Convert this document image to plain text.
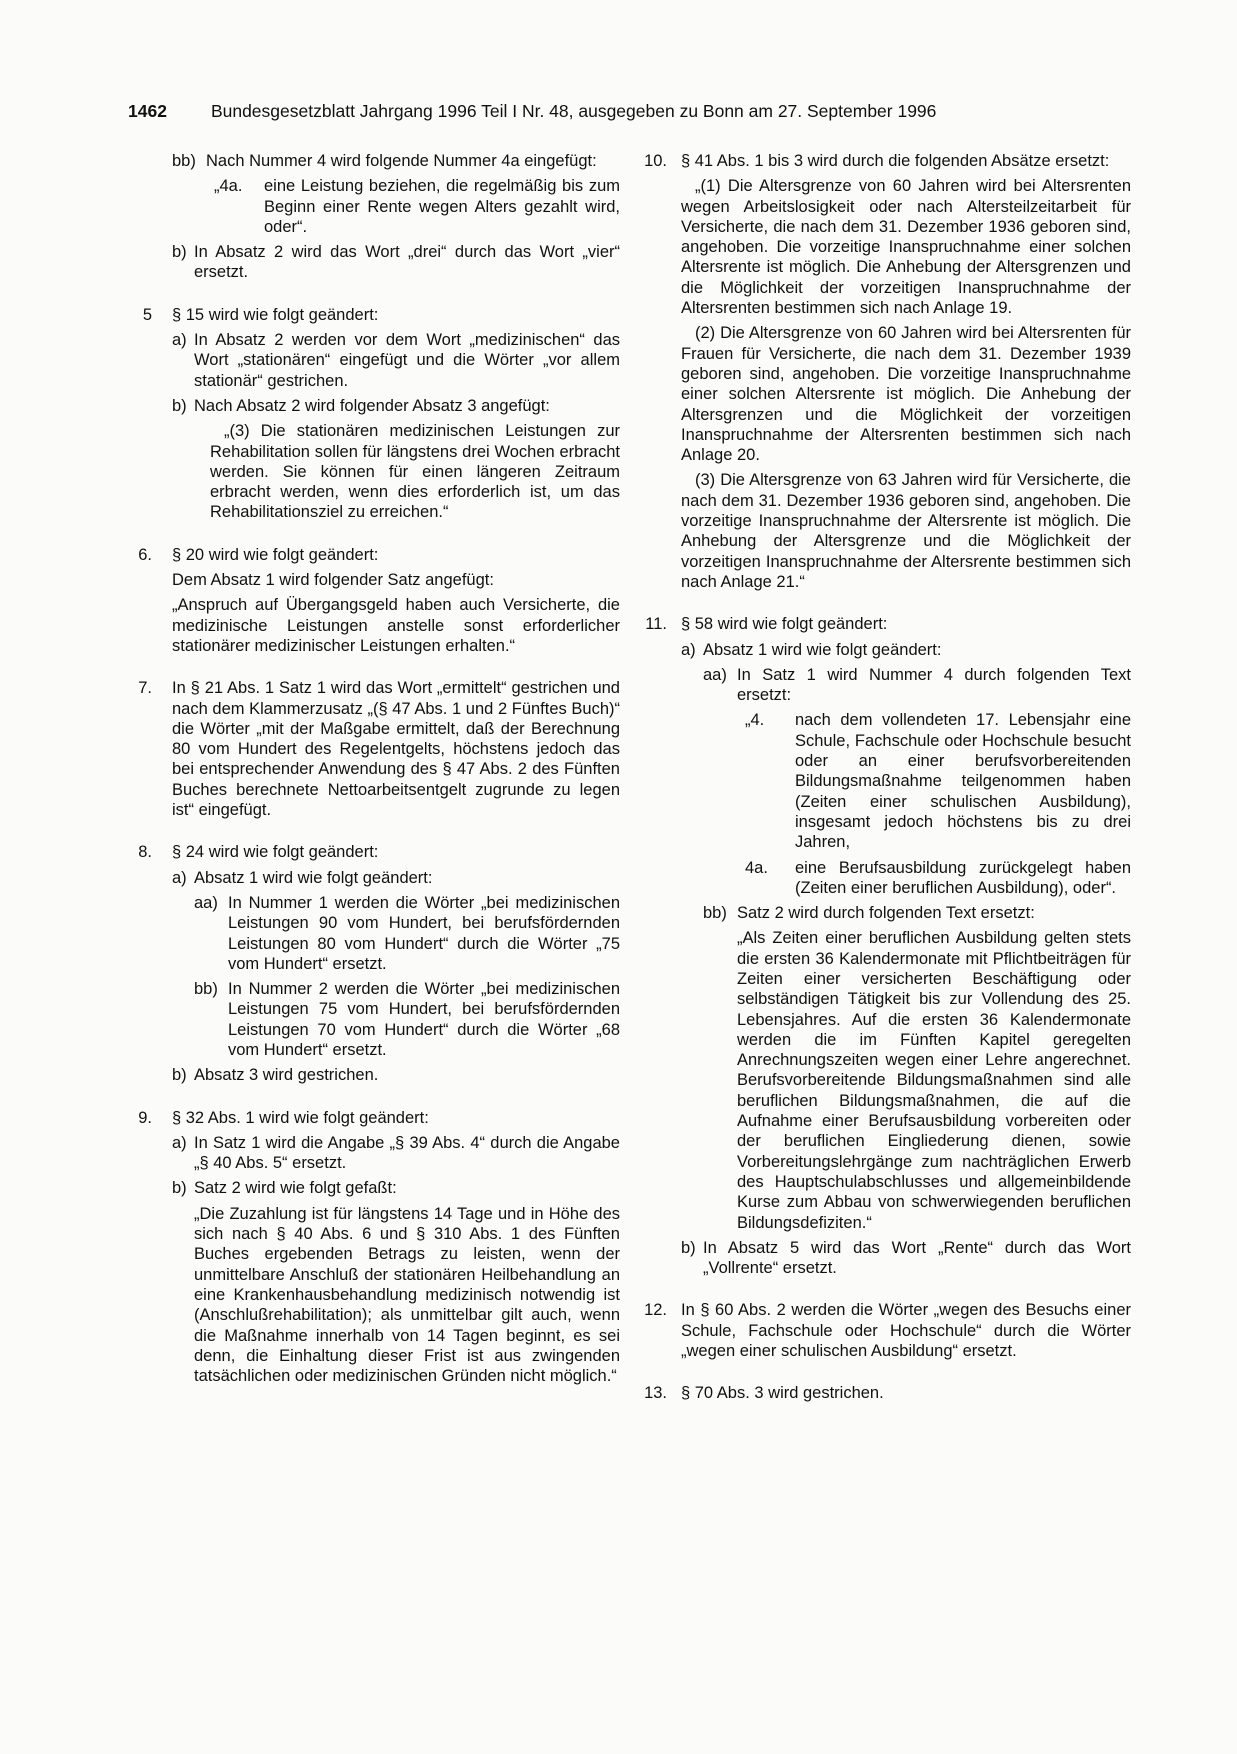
1462	Bundesgesetzblatt Jahrgang 1996 Teil I Nr. 48, ausgegeben zu Bonn am 27. September 1996
bb) Nach Nummer 4 wird folgende Nummer 4a eingefügt:
„4a. eine Leistung beziehen, die regelmäßig bis zum Beginn einer Rente wegen Alters gezahlt wird, oder“.
b) In Absatz 2 wird das Wort „drei“ durch das Wort „vier“ ersetzt.
5 § 15 wird wie folgt geändert:
a) In Absatz 2 werden vor dem Wort „medizinischen“ das Wort „stationären“ eingefügt und die Wörter „vor allem stationär“ gestrichen.
b) Nach Absatz 2 wird folgender Absatz 3 angefügt:
„(3) Die stationären medizinischen Leistungen zur Rehabilitation sollen für längstens drei Wochen erbracht werden. Sie können für einen längeren Zeitraum erbracht werden, wenn dies erforderlich ist, um das Rehabilitationsziel zu erreichen.“
6. § 20 wird wie folgt geändert:
Dem Absatz 1 wird folgender Satz angefügt:
„Anspruch auf Übergangsgeld haben auch Versicherte, die medizinische Leistungen anstelle sonst erforderlicher stationärer medizinischer Leistungen erhalten.“
7. In § 21 Abs. 1 Satz 1 wird das Wort „ermittelt“ gestrichen und nach dem Klammerzusatz „(§ 47 Abs. 1 und 2 Fünftes Buch)“ die Wörter „mit der Maßgabe ermittelt, daß der Berechnung 80 vom Hundert des Regelentgelts, höchstens jedoch das bei entsprechender Anwendung des § 47 Abs. 2 des Fünften Buches berechnete Nettoarbeitsentgelt zugrunde zu legen ist“ eingefügt.
8. § 24 wird wie folgt geändert:
a) Absatz 1 wird wie folgt geändert:
aa) In Nummer 1 werden die Wörter „bei medizinischen Leistungen 90 vom Hundert, bei berufsfördernden Leistungen 80 vom Hundert“ durch die Wörter „75 vom Hundert“ ersetzt.
bb) In Nummer 2 werden die Wörter „bei medizinischen Leistungen 75 vom Hundert, bei berufsfördernden Leistungen 70 vom Hundert“ durch die Wörter „68 vom Hundert“ ersetzt.
b) Absatz 3 wird gestrichen.
9. § 32 Abs. 1 wird wie folgt geändert:
a) In Satz 1 wird die Angabe „§ 39 Abs. 4“ durch die Angabe „§ 40 Abs. 5“ ersetzt.
b) Satz 2 wird wie folgt gefaßt:
„Die Zuzahlung ist für längstens 14 Tage und in Höhe des sich nach § 40 Abs. 6 und § 310 Abs. 1 des Fünften Buches ergebenden Betrags zu leisten, wenn der unmittelbare Anschluß der stationären Heilbehandlung an eine Krankenhausbehandlung medizinisch notwendig ist (Anschlußrehabilitation); als unmittelbar gilt auch, wenn die Maßnahme innerhalb von 14 Tagen beginnt, es sei denn, die Einhaltung dieser Frist ist aus zwingenden tatsächlichen oder medizinischen Gründen nicht möglich.“
10. § 41 Abs. 1 bis 3 wird durch die folgenden Absätze ersetzt:
„(1) Die Altersgrenze von 60 Jahren wird bei Altersrenten wegen Arbeitslosigkeit oder nach Altersteilzeitarbeit für Versicherte, die nach dem 31. Dezember 1936 geboren sind, angehoben. Die vorzeitige Inanspruchnahme einer solchen Altersrente ist möglich. Die Anhebung der Altersgrenzen und die Möglichkeit der vorzeitigen Inanspruchnahme der Altersrenten bestimmen sich nach Anlage 19.
(2) Die Altersgrenze von 60 Jahren wird bei Altersrenten für Frauen für Versicherte, die nach dem 31. Dezember 1939 geboren sind, angehoben. Die vorzeitige Inanspruchnahme einer solchen Altersrente ist möglich. Die Anhebung der Altersgrenzen und die Möglichkeit der vorzeitigen Inanspruchnahme der Altersrenten bestimmen sich nach Anlage 20.
(3) Die Altersgrenze von 63 Jahren wird für Versicherte, die nach dem 31. Dezember 1936 geboren sind, angehoben. Die vorzeitige Inanspruchnahme der Altersrente ist möglich. Die Anhebung der Altersgrenze und die Möglichkeit der vorzeitigen Inanspruchnahme der Altersrente bestimmen sich nach Anlage 21.“
11. § 58 wird wie folgt geändert:
a) Absatz 1 wird wie folgt geändert:
aa) In Satz 1 wird Nummer 4 durch folgenden Text ersetzt:
„4. nach dem vollendeten 17. Lebensjahr eine Schule, Fachschule oder Hochschule besucht oder an einer berufsvorbereitenden Bildungsmaßnahme teilgenommen haben (Zeiten einer schulischen Ausbildung), insgesamt jedoch höchstens bis zu drei Jahren,
4a. eine Berufsausbildung zurückgelegt haben (Zeiten einer beruflichen Ausbildung), oder“.
bb) Satz 2 wird durch folgenden Text ersetzt:
„Als Zeiten einer beruflichen Ausbildung gelten stets die ersten 36 Kalendermonate mit Pflichtbeiträgen für Zeiten einer versicherten Beschäftigung oder selbständigen Tätigkeit bis zur Vollendung des 25. Lebensjahres. Auf die ersten 36 Kalendermonate werden die im Fünften Kapitel geregelten Anrechnungszeiten wegen einer Lehre angerechnet. Berufsvorbereitende Bildungsmaßnahmen sind alle beruflichen Bildungsmaßnahmen, die auf die Aufnahme einer Berufsausbildung vorbereiten oder der beruflichen Eingliederung dienen, sowie Vorbereitungslehrgänge zum nachträglichen Erwerb des Hauptschulabschlusses und allgemeinbildende Kurse zum Abbau von schwerwiegenden beruflichen Bildungsdefiziten.“
b) In Absatz 5 wird das Wort „Rente“ durch das Wort „Vollrente“ ersetzt.
12. In § 60 Abs. 2 werden die Wörter „wegen des Besuchs einer Schule, Fachschule oder Hochschule“ durch die Wörter „wegen einer schulischen Ausbildung“ ersetzt.
13. § 70 Abs. 3 wird gestrichen.
